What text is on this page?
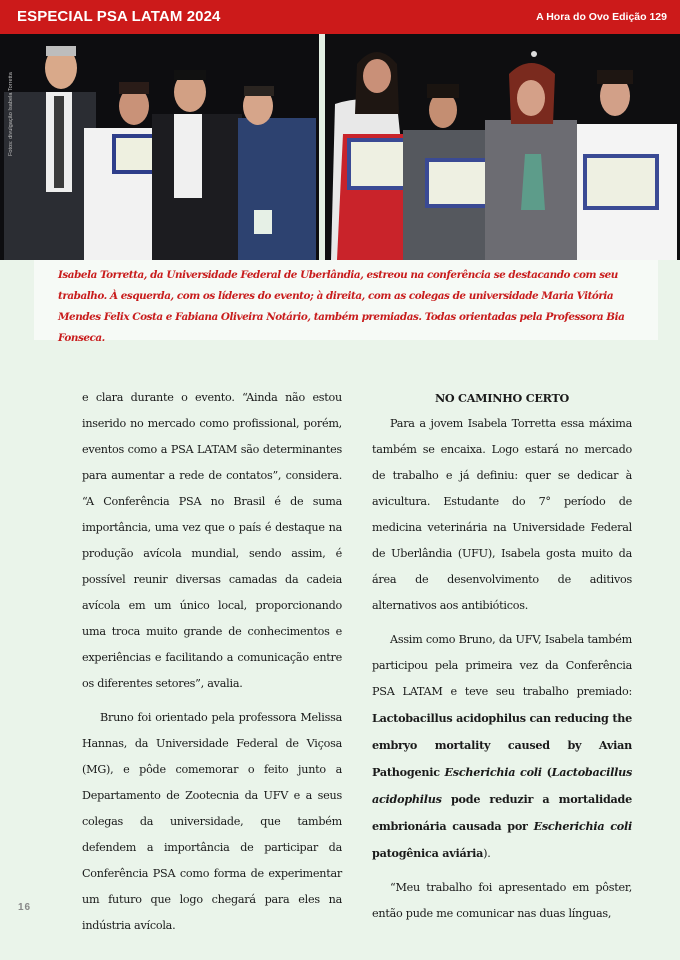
ESPECIAL PSA LATAM 2024	A Hora do Ovo Edição 129
Fotos: divulgação Isabela Torretta
Isabela Torretta, da Universidade Federal de Uberlândia, estreou na conferência se destacando com seu trabalho. À esquerda, com os líderes do evento; à direita, com as colegas de universidade Maria Vitória Mendes Felix Costa e Fabiana Oliveira Notário, também premiadas. Todas orientadas pela Professora Bia Fonseca.

e clara durante o evento. “Ainda não estou inserido no mercado como profissional, porém, eventos como a PSA LATAM são determinantes para aumentar a rede de contatos”, considera. “A Conferência PSA no Brasil é de suma importância, uma vez que o país é destaque na produção avícola mundial, sendo assim, é possível reunir diversas camadas da cadeia avícola em um único local, proporcionando uma troca muito grande de conhecimentos e experiências e facilitando a comunicação entre os diferentes setores”, avalia.

Bruno foi orientado pela professora Melissa Hannas, da Universidade Federal de Viçosa (MG), e pôde comemorar o feito junto a Departamento de Zootecnia da UFV e a seus colegas da universidade, que também defendem a importância de participar da Conferência PSA como forma de experimentar um futuro que logo chegará para eles na indústria avícola.

NO CAMINHO CERTO

Para a jovem Isabela Torretta essa máxima também se encaixa. Logo estará no mercado de trabalho e já definiu: quer se dedicar à avicultura. Estudante do 7° período de medicina veterinária na Universidade Federal de Uberlândia (UFU), Isabela gosta muito da área de desenvolvimento de aditivos alternativos aos antibióticos.

Assim como Bruno, da UFV, Isabela também participou pela primeira vez da Conferência PSA LATAM e teve seu trabalho premiado: Lactobacillus acidophilus can reducing the embryo mortality caused by Avian Pathogenic Escherichia coli (Lactobacillus acidophilus pode reduzir a mortalidade embrionária causada por Escherichia coli patogênica aviária).

“Meu trabalho foi apresentado em pôster, então pude me comunicar nas duas línguas,

16
